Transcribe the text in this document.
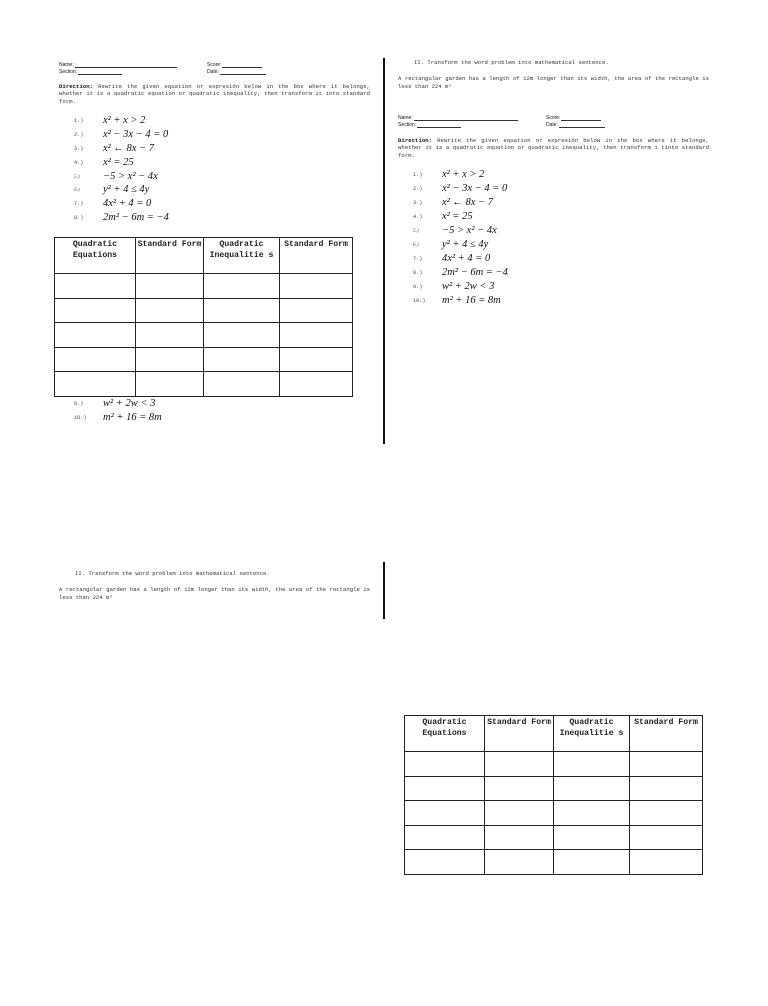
Name:
Section:
Score:
Date:
Direction: Rewrite the given equation or expresión below in the box where it belongs, whether it is a quadratic equation or quadratic inequality, then transform it into standard form.
1.) x² + x > 2
2.) x² − 3x − 4 = 0
3.) x² ← 8x − 7
4.) x² = 25
5.) −5 > x² − 4x
6.) y² + 4 ≤ 4y
7.) 4x² + 4 = 0
8.) 2m² − 6m = −4
Quadratic Equations	Standard Form	Quadratic Inequalitie s	Standard Form

9.) w² + 2w < 3
10.) m² + 16 = 8m
II. Transform the word problem into mathematical sentence.
A rectangular garden has a length of 12m longer than its width, the area of the rectangle is less than 224 m²
Name:
Section:
Score:
Date:
Direction: Rewrite the given equation or expresión below in the box where it belongs, whether it is a quadratic equation or quadratic inequality, then transform i tinto standard form.
1.) x² + x > 2
2.) x² − 3x − 4 = 0
3.) x² ← 8x − 7
4.) x² = 25
5.) −5 > x² − 4x
6.) y² + 4 ≤ 4y
7.) 4x² + 4 = 0
8.) 2m² − 6m = −4
9.) w² + 2w < 3
10.) m² + 16 = 8m
II. Transform the word problem into mathematical sentence.
A rectangular garden has a length of 12m longer than its width, the area of the rectangle is less than 224 m²
Quadratic Equations	Standard Form	Quadratic Inequalitie s	Standard Form
